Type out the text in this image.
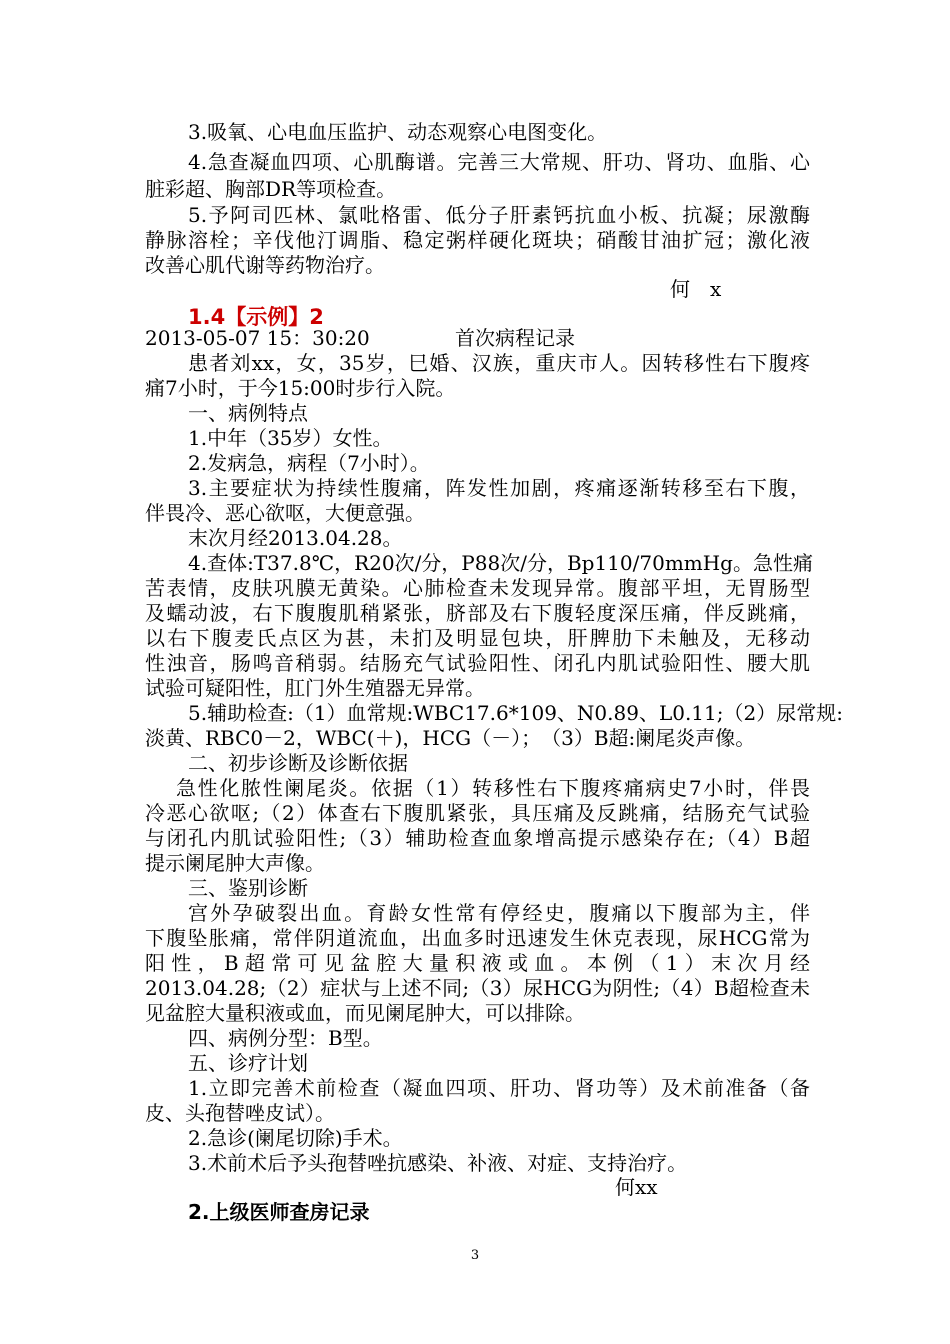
3.吸氧、心电血压监护、动态观察心电图变化。
4.急查凝血四项、心肌酶谱。完善三大常规、肝功、肾功、血脂、心
脏彩超、胸部DR等项检查。
5.予阿司匹林、氯吡格雷、低分子肝素钙抗血小板、抗凝；尿激酶
静脉溶栓；辛伐他汀调脂、稳定粥样硬化斑块；硝酸甘油扩冠；激化液
改善心肌代谢等药物治疗。
何　x
1.4【示例】2
2013-05-07 15：30:20	首次病程记录
患者刘xx，女，35岁，巳婚、汉族，重庆市人。因转移性右下腹疼
痛7小时，于今15:00时步行入院。
一、病例特点
1.中年（35岁）女性。
2.发病急，病程（7小时）。
3.主要症状为持续性腹痛，阵发性加剧，疼痛逐渐转移至右下腹，
伴畏冷、恶心欲呕，大便意强。
末次月经2013.04.28。
4.查体:T37.8℃，R20次/分，P88次/分，Bp110/70mmHg。急性痛
苦表情，皮肤巩膜无黄染。心肺检查未发现异常。腹部平坦，无胃肠型
及蠕动波，右下腹腹肌稍紧张，脐部及右下腹轻度深压痛，伴反跳痛，
以右下腹麦氏点区为甚，未扪及明显包块，肝脾肋下未触及，无移动
性浊音，肠鸣音稍弱。结肠充气试验阳性、闭孔内肌试验阳性、腰大肌
试验可疑阳性，肛门外生殖器无异常。
5.辅助检查:（1）血常规:WBC17.6*109、N0.89、L0.11;（2）尿常规:
淡黄、RBC0－2，WBC(＋)，HCG（－）；　（3）B超:阑尾炎声像。
二、初步诊断及诊断依据
急性化脓性阑尾炎。依据（1）转移性右下腹疼痛病史7小时，伴畏
冷恶心欲呕;（2）体查右下腹肌紧张，具压痛及反跳痛，结肠充气试验
与闭孔内肌试验阳性;（3）辅助检查血象增高提示感染存在;（4）B超
提示阑尾肿大声像。
三、鉴别诊断
宫外孕破裂出血。育龄女性常有停经史，腹痛以下腹部为主，伴
下腹坠胀痛，常伴阴道流血，出血多时迅速发生休克表现，尿HCG常为
阳性，B超常可见盆腔大量积液或血。本例（1）末次月经
2013.04.28;（2）症状与上述不同;（3）尿HCG为阴性;（4）B超检查未
见盆腔大量积液或血，而见阑尾肿大，可以排除。
四、病例分型：B型。
五、诊疗计划
1.立即完善术前检查（凝血四项、肝功、肾功等）及术前准备（备
皮、头孢替唑皮试）。
2.急诊(阑尾切除)手术。
3.术前术后予头孢替唑抗感染、补液、对症、支持治疗。
何xx
2.上级医师查房记录
3
